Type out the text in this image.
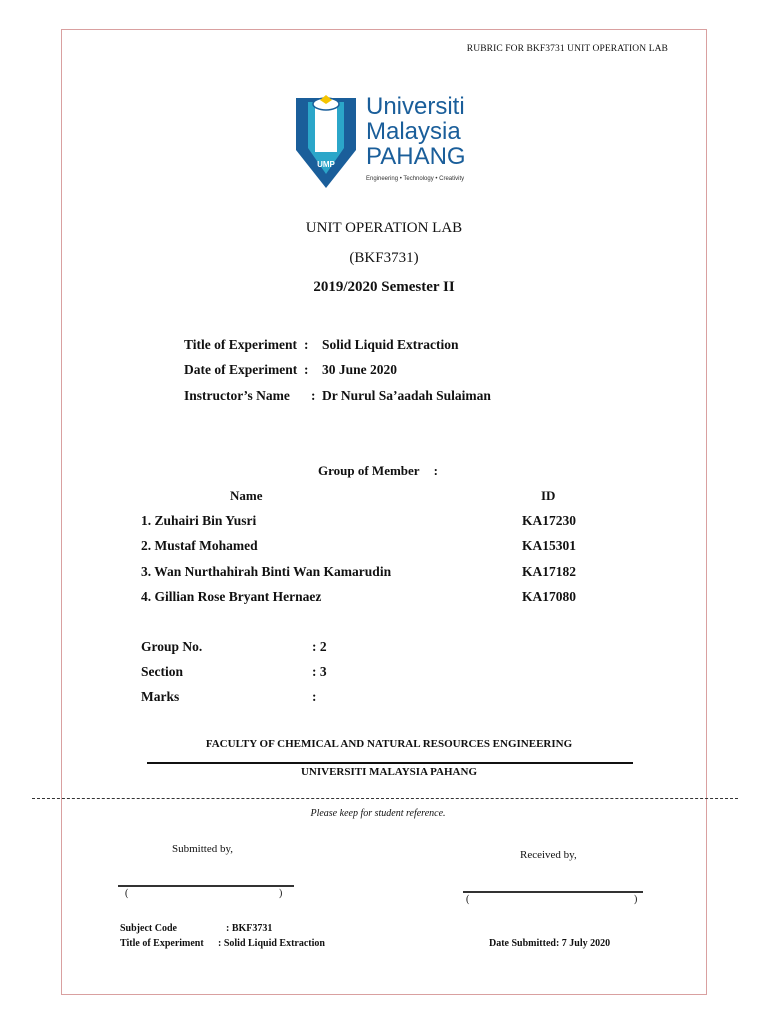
RUBRIC FOR BKF3731 UNIT OPERATION LAB
UMP
Universiti
Malaysia
PAHANG
Engineering • Technology • Creativity
UNIT OPERATION LAB
(BKF3731)
2019/2020 Semester II
Title of Experiment : Solid Liquid Extraction
Date of Experiment : 30 June 2020
Instructor’s Name : Dr Nurul Sa’aadah Sulaiman
Group of Member :
Name	ID
1. Zuhairi Bin Yusri	KA17230
2. Mustaf Mohamed	KA15301
3. Wan Nurthahirah Binti Wan Kamarudin	KA17182
4. Gillian Rose Bryant Hernaez	KA17080
Group No.	: 2
Section	: 3
Marks	:
FACULTY OF CHEMICAL AND NATURAL RESOURCES ENGINEERING
UNIVERSITI MALAYSIA PAHANG
Please keep for student reference.
Submitted by,	Received by,
(	)
(	)
Subject Code	: BKF3731
Title of Experiment : Solid Liquid Extraction	Date Submitted: 7 July 2020
